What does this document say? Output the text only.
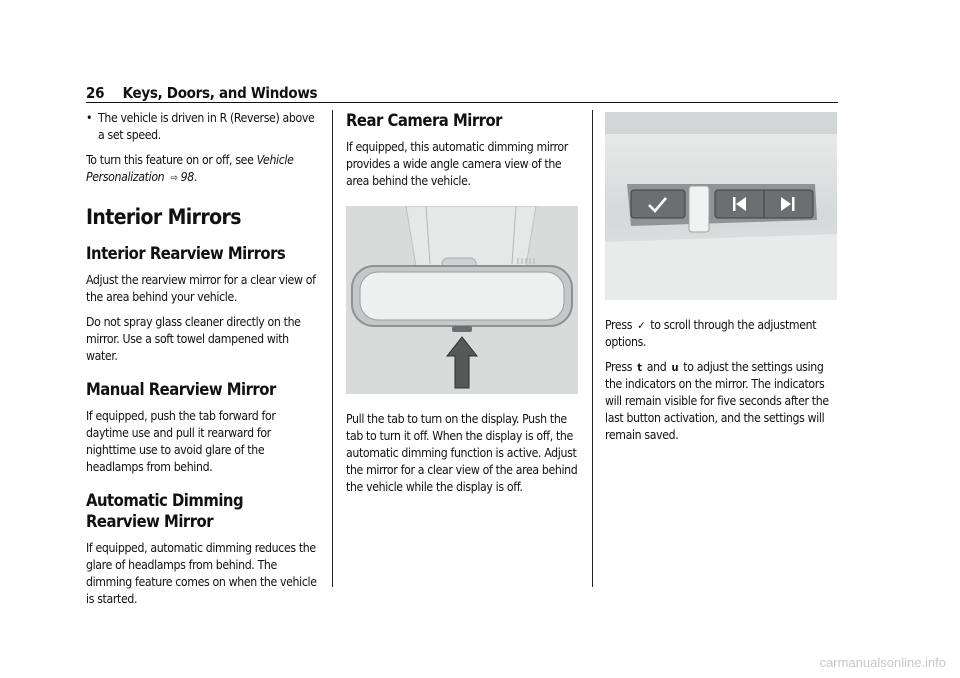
26 Keys, Doors, and Windows
• The vehicle is driven in R (Reverse) above a set speed.

To turn this feature on or off, see Vehicle Personalization ⇨ 98.

Interior Mirrors
Interior Rearview Mirrors

Adjust the rearview mirror for a clear view of the area behind your vehicle.

Do not spray glass cleaner directly on the mirror. Use a soft towel dampened with water.

Manual Rearview Mirror

If equipped, push the tab forward for daytime use and pull it rearward for nighttime use to avoid glare of the headlamps from behind.

Automatic Dimming Rearview Mirror

If equipped, automatic dimming reduces the glare of headlamps from behind. The dimming feature comes on when the vehicle is started.

Rear Camera Mirror

If equipped, this automatic dimming mirror provides a wide angle camera view of the area behind the vehicle.

Pull the tab to turn on the display. Push the tab to turn it off. When the display is off, the automatic dimming function is active. Adjust the mirror for a clear view of the area behind the vehicle while the display is off.

Press ✓ to scroll through the adjustment options.

Press t and u to adjust the settings using the indicators on the mirror. The indicators will remain visible for five seconds after the last button activation, and the settings will remain saved.

carmanualsonline.info
